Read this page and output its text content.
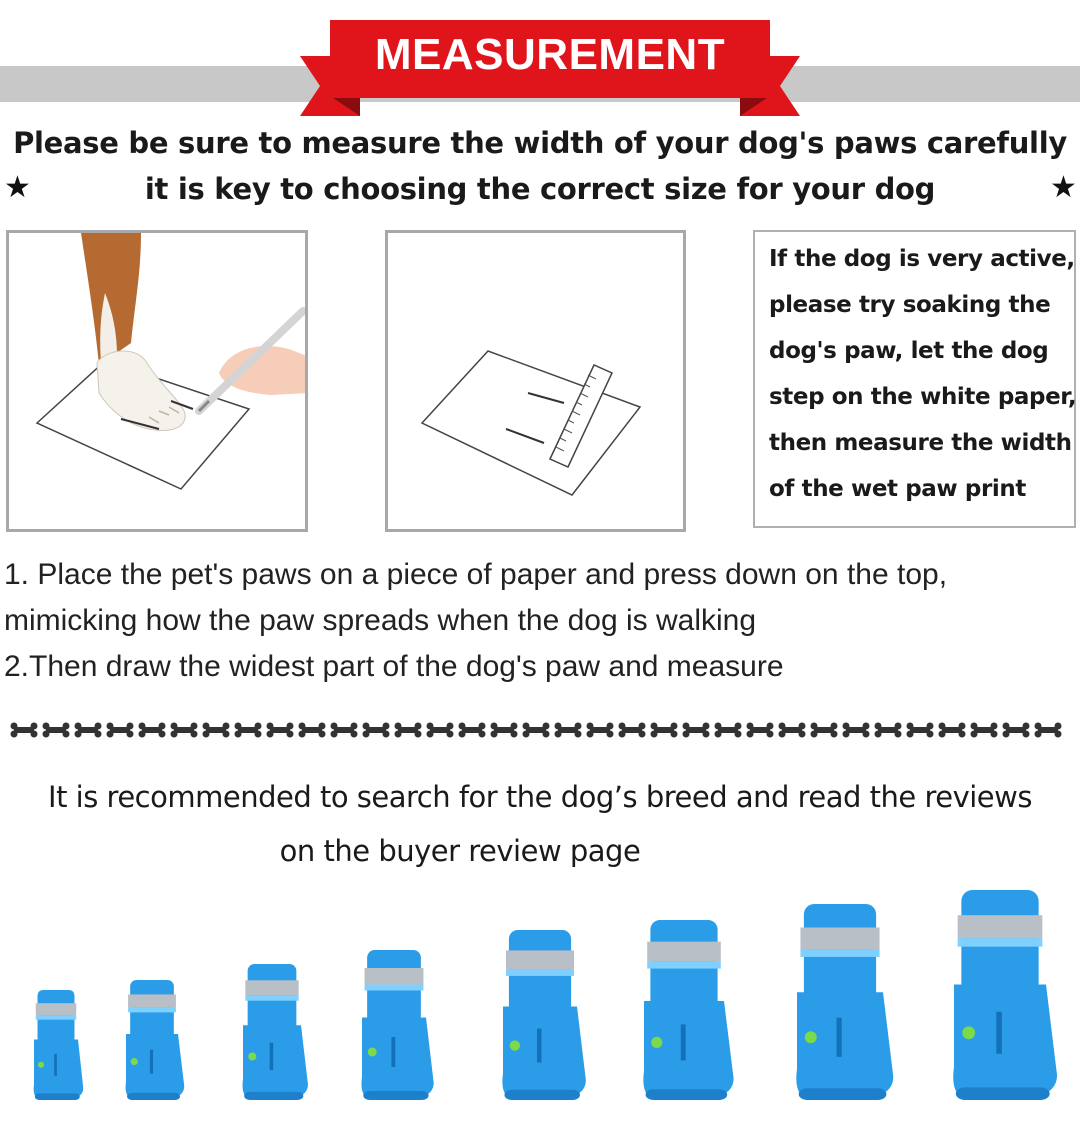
MEASUREMENT
Please be sure to measure the width of your dog's paws carefully
it is key to choosing the correct size for your dog
★	★
If the dog is very active,
please try soaking the
dog's paw, let the dog
step on the white paper,
then measure the width
of the wet paw print
1. Place the pet's paws on a piece of paper and press down on the top,
mimicking how the paw spreads when the dog is walking
2.Then draw the widest part of the dog's paw and measure
It is recommended to search for the dog’s breed and read the reviews
on the buyer review page
